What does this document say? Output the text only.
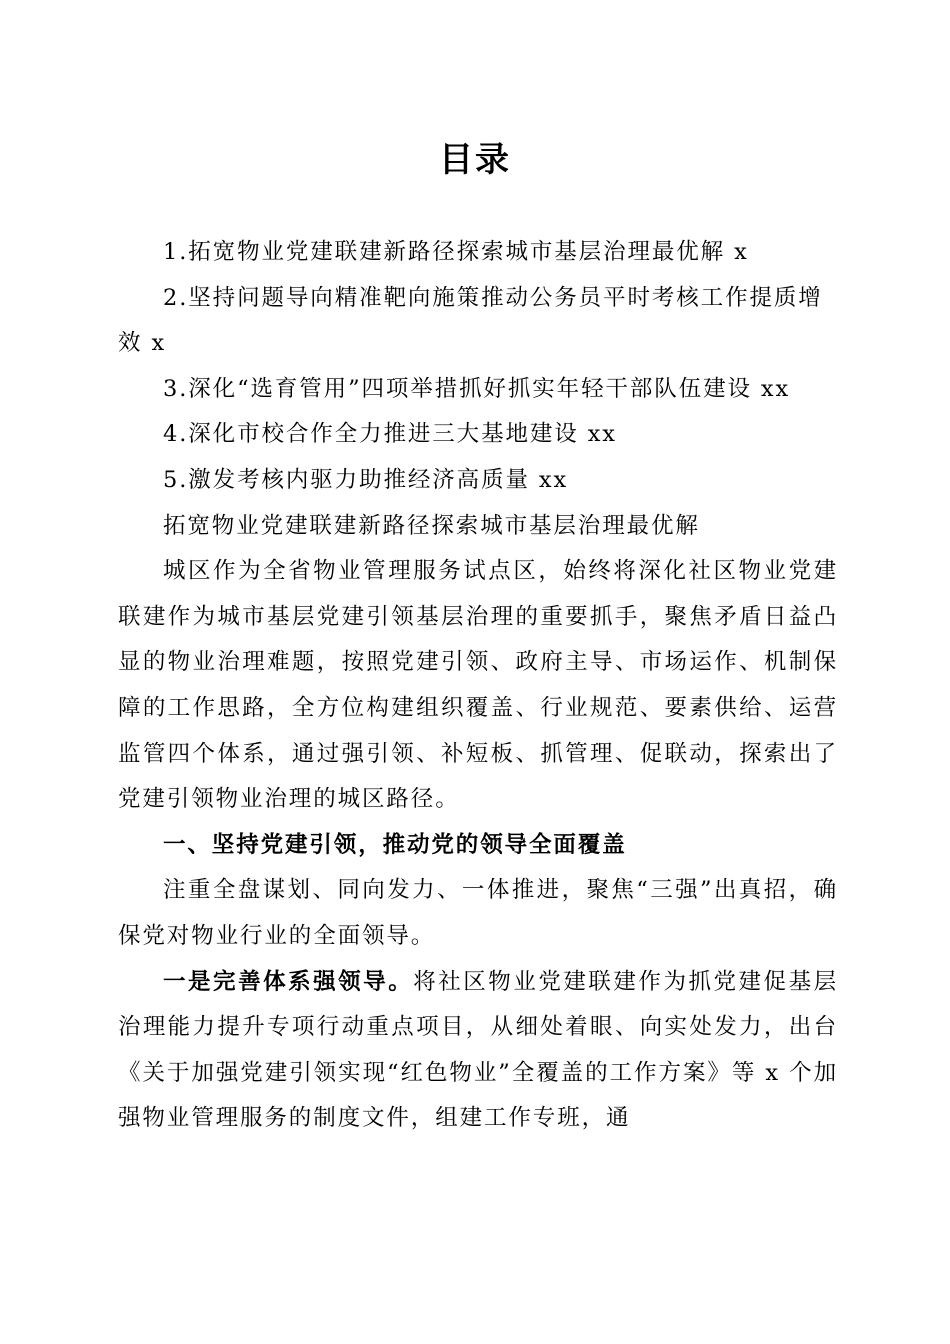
目录

1.拓宽物业党建联建新路径探索城市基层治理最优解 x

2.坚持问题导向精准靶向施策推动公务员平时考核工作提质增效 x

3.深化“选育管用”四项举措抓好抓实年轻干部队伍建设 xx

4.深化市校合作全力推进三大基地建设 xx

5.激发考核内驱力助推经济高质量 xx

拓宽物业党建联建新路径探索城市基层治理最优解

城区作为全省物业管理服务试点区，始终将深化社区物业党建联建作为城市基层党建引领基层治理的重要抓手，聚焦矛盾日益凸显的物业治理难题，按照党建引领、政府主导、市场运作、机制保障的工作思路，全方位构建组织覆盖、行业规范、要素供给、运营监管四个体系，通过强引领、补短板、抓管理、促联动，探索出了党建引领物业治理的城区路径。

一、坚持党建引领，推动党的领导全面覆盖

注重全盘谋划、同向发力、一体推进，聚焦“三强”出真招，确保党对物业行业的全面领导。

一是完善体系强领导。将社区物业党建联建作为抓党建促基层治理能力提升专项行动重点项目，从细处着眼、向实处发力，出台《关于加强党建引领实现“红色物业”全覆盖的工作方案》等 x 个加强物业管理服务的制度文件，组建工作专班，通
